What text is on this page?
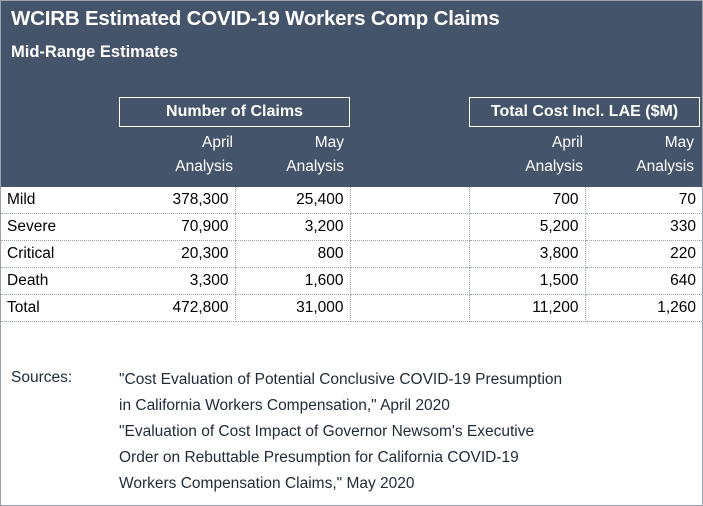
WCIRB Estimated COVID-19 Workers Comp Claims
Mid-Range Estimates
Number of Claims	Total Cost Incl. LAE ($M)
April
Analysis
May
Analysis
April
Analysis
May
Analysis
Mild	378,300	25,400		700	70
Severe	70,900	3,200		5,200	330
Critical	20,300	800		3,800	220
Death	3,300	1,600		1,500	640
Total	472,800	31,000		11,200	1,260
Sources:	"Cost Evaluation of Potential Conclusive COVID-19 Presumption
in California Workers Compensation," April 2020
"Evaluation of Cost Impact of Governor Newsom's Executive
Order on Rebuttable Presumption for California COVID-19
Workers Compensation Claims," May 2020
